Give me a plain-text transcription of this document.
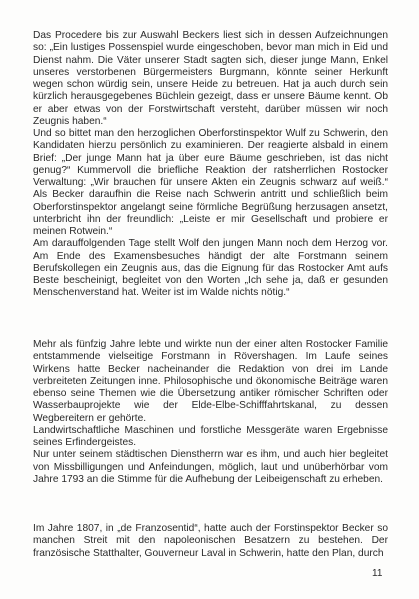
Das Procedere bis zur Auswahl Beckers liest sich in dessen Aufzeichnungen so: „Ein lustiges Possenspiel wurde eingeschoben, bevor man mich in Eid und Dienst nahm. Die Väter unserer Stadt sagten sich, dieser junge Mann, Enkel unseres verstorbenen Bürgermeisters Burgmann, könnte seiner Herkunft wegen schon würdig sein, unsere Heide zu betreuen. Hat ja auch durch sein kürzlich herausgegebenes Büchlein gezeigt, dass er unsere Bäume kennt. Ob er aber etwas von der Forstwirtschaft versteht, darüber müssen wir noch Zeugnis haben.“

Und so bittet man den herzoglichen Oberforstinspektor Wulf zu Schwerin, den Kandidaten hierzu persönlich zu examinieren. Der reagierte alsbald in einem Brief: „Der junge Mann hat ja über eure Bäume geschrieben, ist das nicht genug?“ Kummervoll die briefliche Reaktion der ratsherrlichen Rostocker Verwaltung: „Wir brauchen für unsere Akten ein Zeugnis schwarz auf weiß.“ Als Becker daraufhin die Reise nach Schwerin antritt und schließlich beim Oberforstinspektor angelangt seine förmliche Begrüßung herzusagen ansetzt, unterbricht ihn der freundlich: „Leiste er mir Gesellschaft und probiere er meinen Rotwein.“

Am darauffolgenden Tage stellt Wolf den jungen Mann noch dem Herzog vor. Am Ende des Examensbesuches händigt der alte Forstmann seinem Berufskollegen ein Zeugnis aus, das die Eignung für das Rostocker Amt aufs Beste bescheinigt, begleitet von den Worten „Ich sehe ja, daß er gesunden Menschenverstand hat. Weiter ist im Walde nichts nötig.“

Mehr als fünfzig Jahre lebte und wirkte nun der einer alten Rostocker Familie entstammende vielseitige Forstmann in Rövershagen. Im Laufe seines Wirkens hatte Becker nacheinander die Redaktion von drei im Lande verbreiteten Zeitungen inne. Philosophische und ökonomische Beiträge waren ebenso seine Themen wie die Übersetzung antiker römischer Schriften oder Wasserbauprojekte wie der Elde-Elbe-Schifffahrtskanal, zu dessen Wegbereitern er gehörte.

Landwirtschaftliche Maschinen und forstliche Messgeräte waren Ergebnisse seines Erfindergeistes.

Nur unter seinem städtischen Dienstherrn war es ihm, und auch hier begleitet von Missbilligungen und Anfeindungen, möglich, laut und unüberhörbar vom Jahre 1793 an die Stimme für die Aufhebung der Leibeigenschaft zu erheben.

Im Jahre 1807, in „de Franzosentid“, hatte auch der Forstinspektor Becker so manchen Streit mit den napoleonischen Besatzern zu bestehen. Der französische Statthalter, Gouverneur Laval in Schwerin, hatte den Plan, durch

11
